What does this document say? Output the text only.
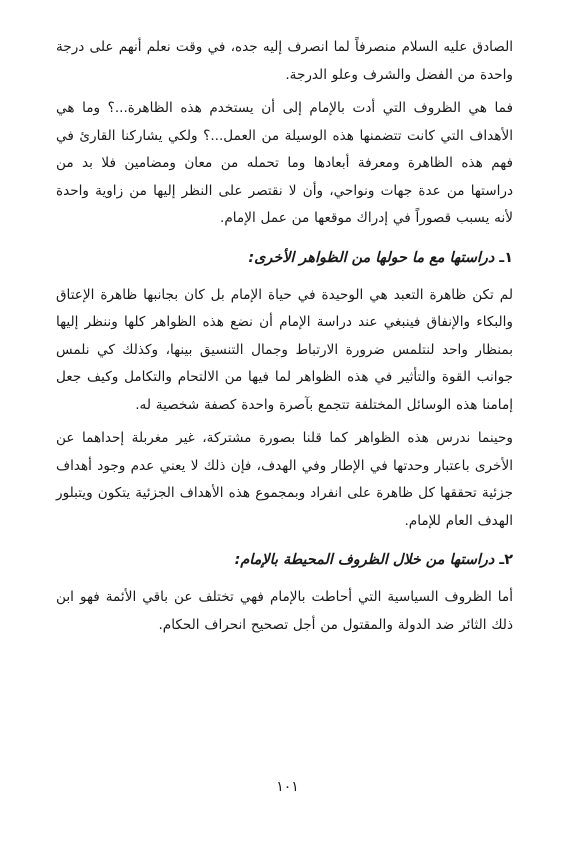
الصادق عليه السلام منصرفاً لما انصرف إليه جده، في وقت نعلم أنهم على درجة واحدة من الفضل والشرف وعلو الدرجة.

فما هي الظروف التي أدت بالإمام إلى أن يستخدم هذه الظاهرة...؟ وما هي الأهداف التي كانت تتضمنها هذه الوسيلة من العمل...؟ ولكي يشاركنا القارئ في فهم هذه الظاهرة ومعرفة أبعادها وما تحمله من معان ومضامين فلا بد من دراستها من عدة جهات ونواحي، وأن لا نقتصر على النظر إليها من زاوية واحدة لأنه يسبب قصوراً في إدراك موقعها من عمل الإمام.

١ـ دراستها مع ما حولها من الظواهر الأخرى:

لم تكن ظاهرة التعبد هي الوحيدة في حياة الإمام بل كان بجانبها ظاهرة الإعتاق والبكاء والإنفاق فينبغي عند دراسة الإمام أن نضع هذه الظواهر كلها وننظر إليها بمنظار واحد لنتلمس ضرورة الارتباط وجمال التنسيق بينها، وكذلك كي نلمس جوانب القوة والتأثير في هذه الظواهر لما فيها من الالتحام والتكامل وكيف جعل إمامنا هذه الوسائل المختلفة تتجمع بآصرة واحدة كصفة شخصية له.

وحينما ندرس هذه الظواهر كما قلنا بصورة مشتركة، غير مغربلة إحداهما عن الأخرى باعتبار وحدتها في الإطار وفي الهدف، فإن ذلك لا يعني عدم وجود أهداف جزئية تحققها كل ظاهرة على انفراد وبمجموع هذه الأهداف الجزئية يتكون ويتبلور الهدف العام للإمام.

٢ـ دراستها من خلال الظروف المحيطة بالإمام:

أما الظروف السياسية التي أحاطت بالإمام فهي تختلف عن باقي الأئمة فهو ابن ذلك الثائر ضد الدولة والمقتول من أجل تصحيح انحراف الحكام.

١٠١
